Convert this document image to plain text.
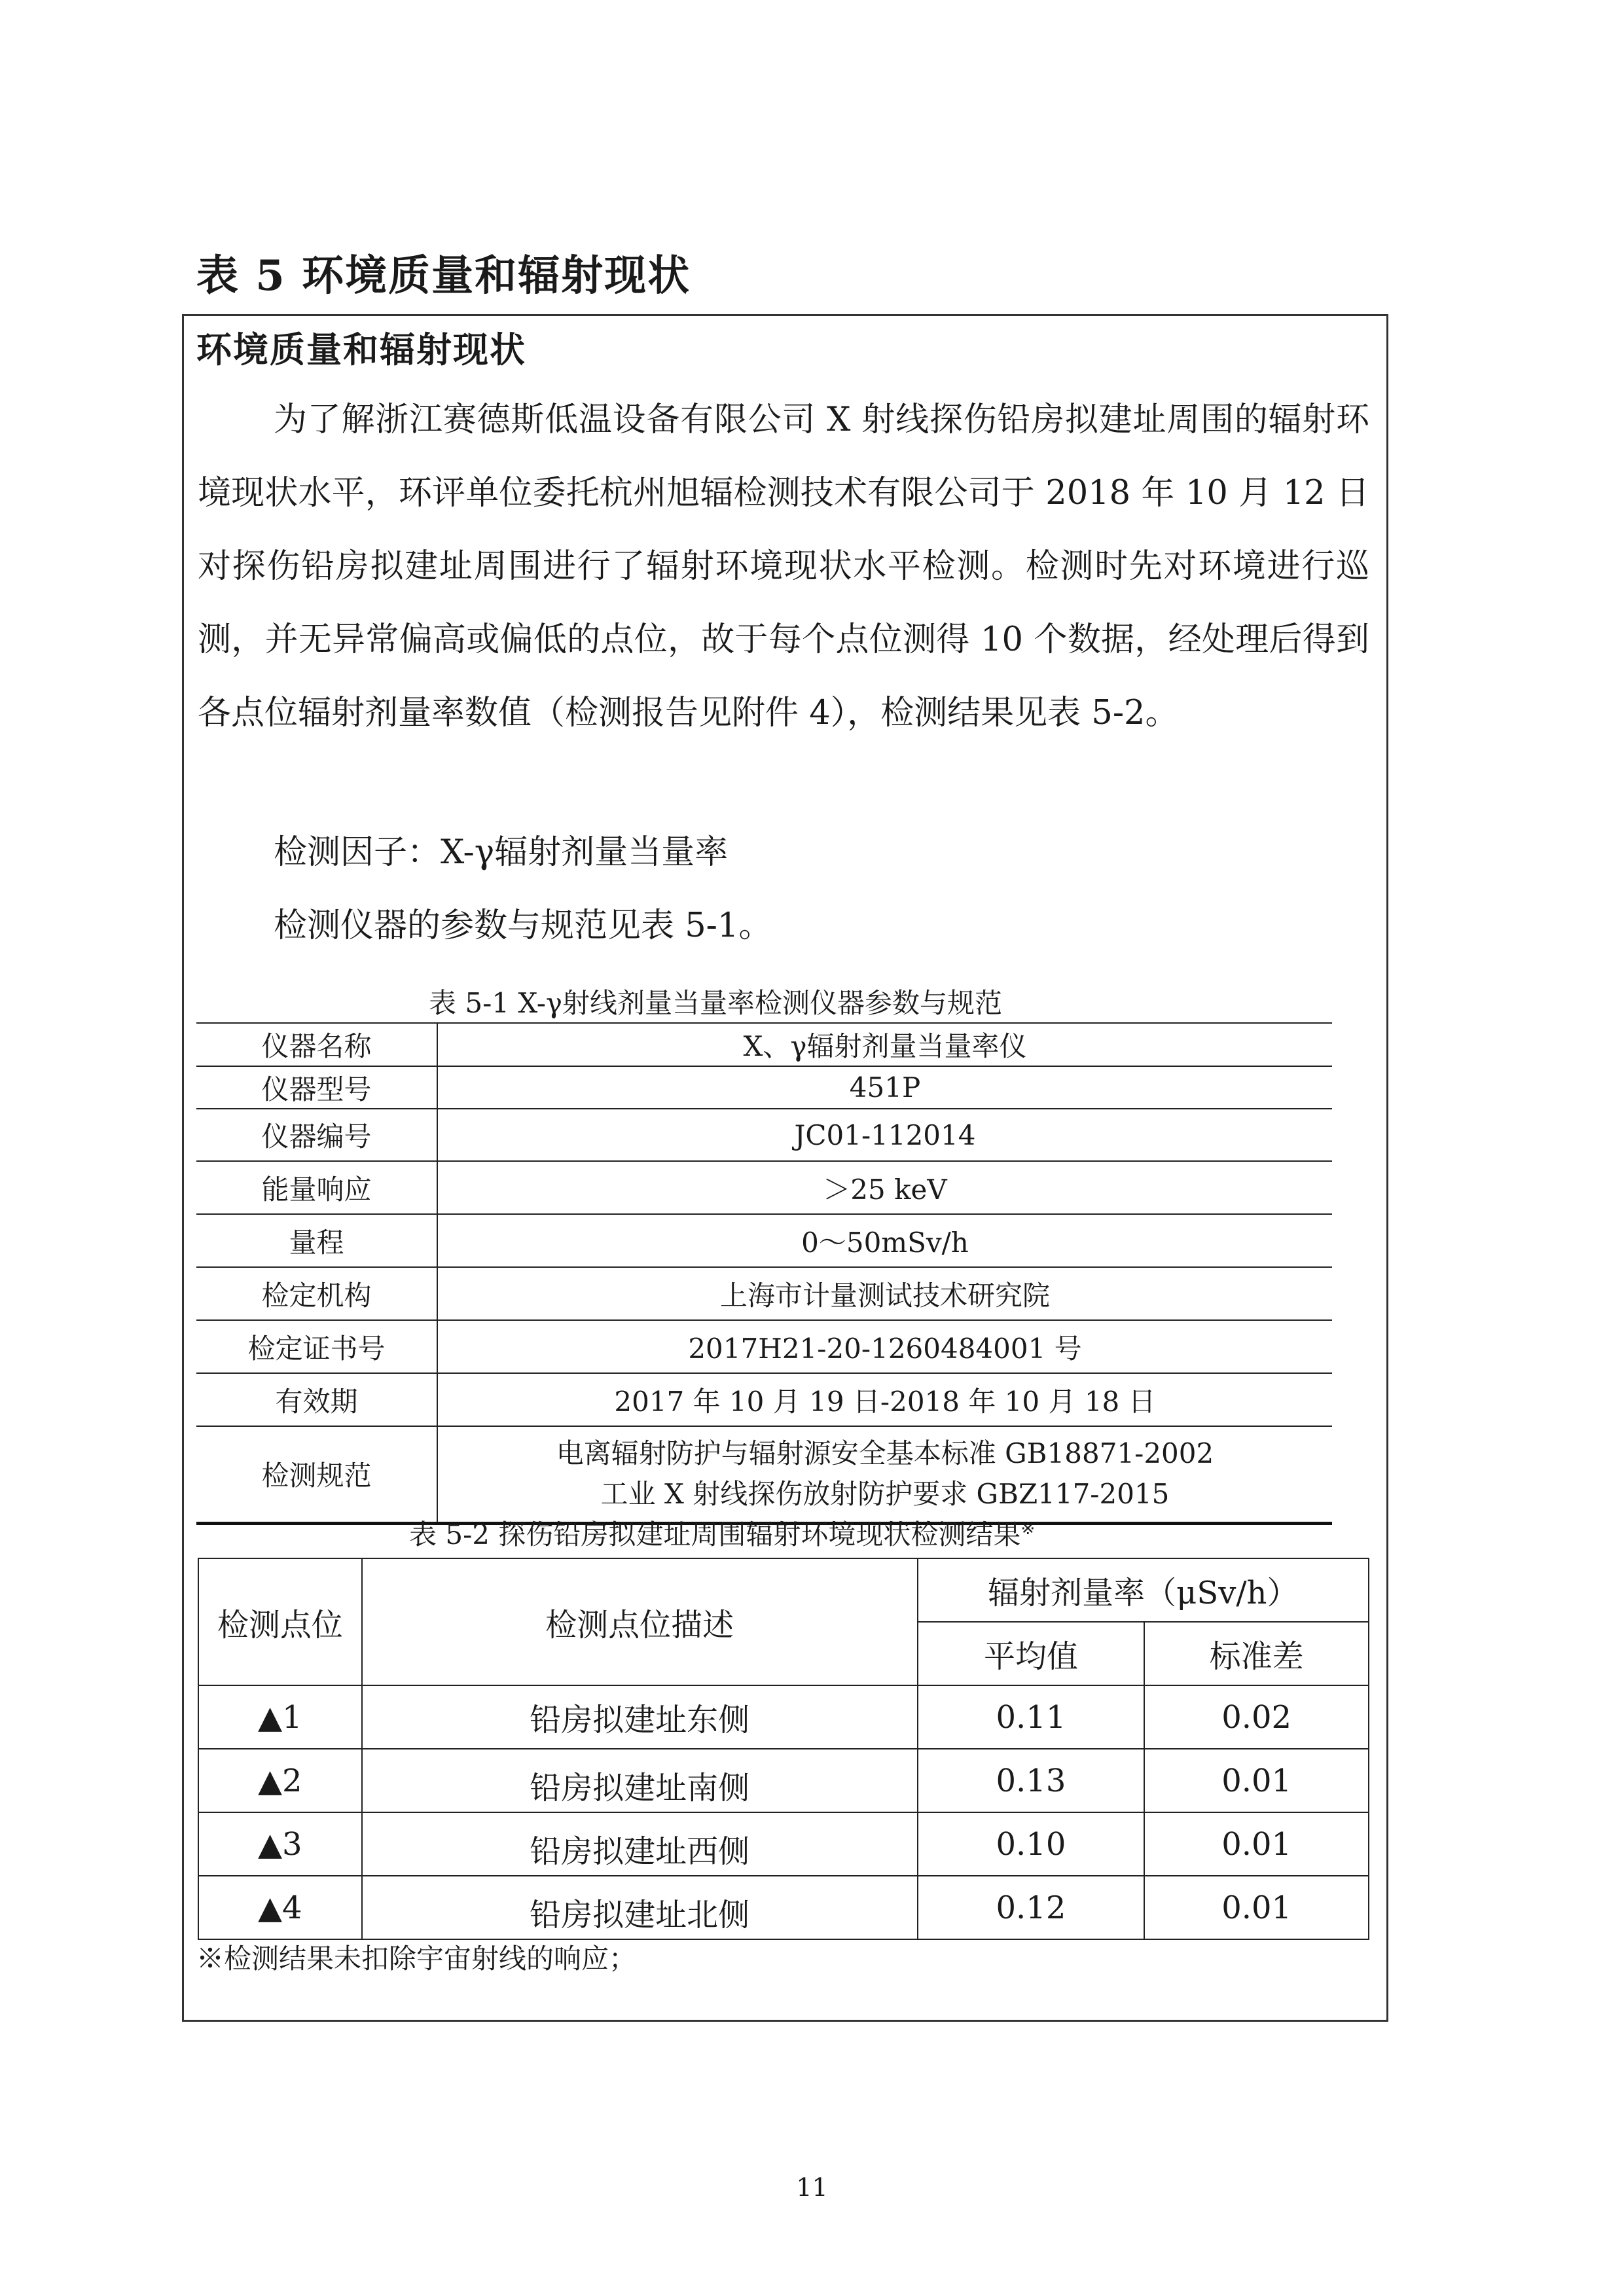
表 5 环境质量和辐射现状
环境质量和辐射现状

为了解浙江赛德斯低温设备有限公司 X 射线探伤铅房拟建址周围的辐射环境现状水平，环评单位委托杭州旭辐检测技术有限公司于 2018 年 10 月 12 日对探伤铅房拟建址周围进行了辐射环境现状水平检测。检测时先对环境进行巡测，并无异常偏高或偏低的点位，故于每个点位测得 10 个数据，经处理后得到各点位辐射剂量率数值（检测报告见附件 4），检测结果见表 5-2。

检测因子：X-γ辐射剂量当量率
检测仪器的参数与规范见表 5-1。
表 5-1 X-γ射线剂量当量率检测仪器参数与规范
仪器名称	X、γ辐射剂量当量率仪
仪器型号	451P
仪器编号	JC01-112014
能量响应	＞25 keV
量程	0～50mSv/h
检定机构	上海市计量测试技术研究院
检定证书号	2017H21-20-1260484001 号
有效期	2017 年 10 月 19 日-2018 年 10 月 18 日
检测规范	电离辐射防护与辐射源安全基本标准 GB18871-2002
工业 X 射线探伤放射防护要求 GBZ117-2015
表 5-2 探伤铅房拟建址周围辐射环境现状检测结果※
检测点位	检测点位描述	辐射剂量率（μSv/h）	
		平均值	标准差
▲1	铅房拟建址东侧	0.11	0.02
▲2	铅房拟建址南侧	0.13	0.01
▲3	铅房拟建址西侧	0.10	0.01
▲4	铅房拟建址北侧	0.12	0.01
※检测结果未扣除宇宙射线的响应；
11
